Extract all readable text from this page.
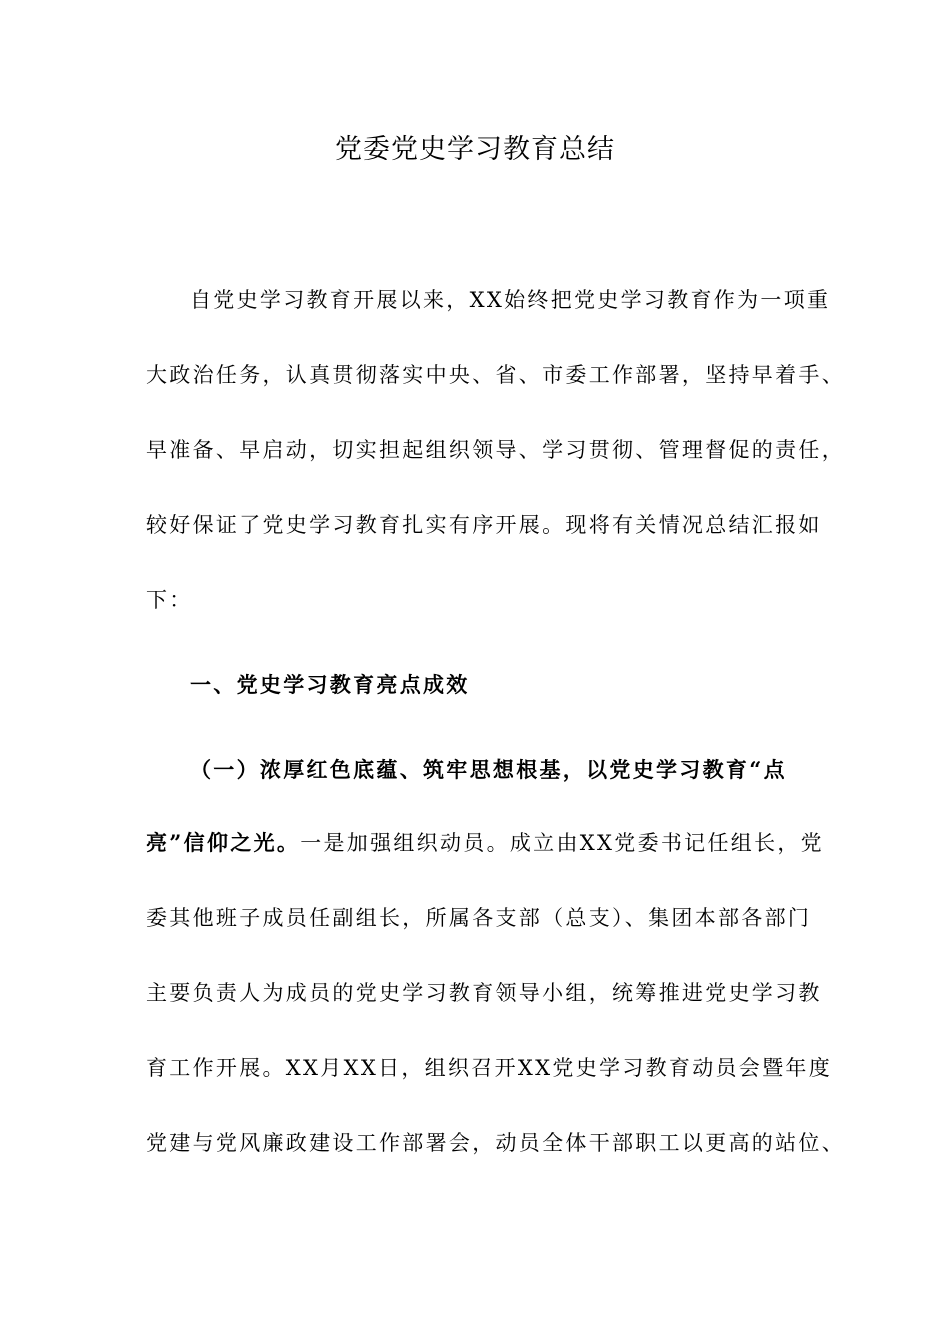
党委党史学习教育总结
自党史学习教育开展以来，XX始终把党史学习教育作为一项重
大政治任务，认真贯彻落实中央、省、市委工作部署，坚持早着手、
早准备、早启动，切实担起组织领导、学习贯彻、管理督促的责任，
较好保证了党史学习教育扎实有序开展。现将有关情况总结汇报如
下：
一、党史学习教育亮点成效
（一）浓厚红色底蕴、筑牢思想根基，以党史学习教育“点
亮”信仰之光。一是加强组织动员。成立由XX党委书记任组长，党
委其他班子成员任副组长，所属各支部（总支）、集团本部各部门
主要负责人为成员的党史学习教育领导小组，统筹推进党史学习教
育工作开展。XX月XX日，组织召开XX党史学习教育动员会暨年度
党建与党风廉政建设工作部署会，动员全体干部职工以更高的站位、
